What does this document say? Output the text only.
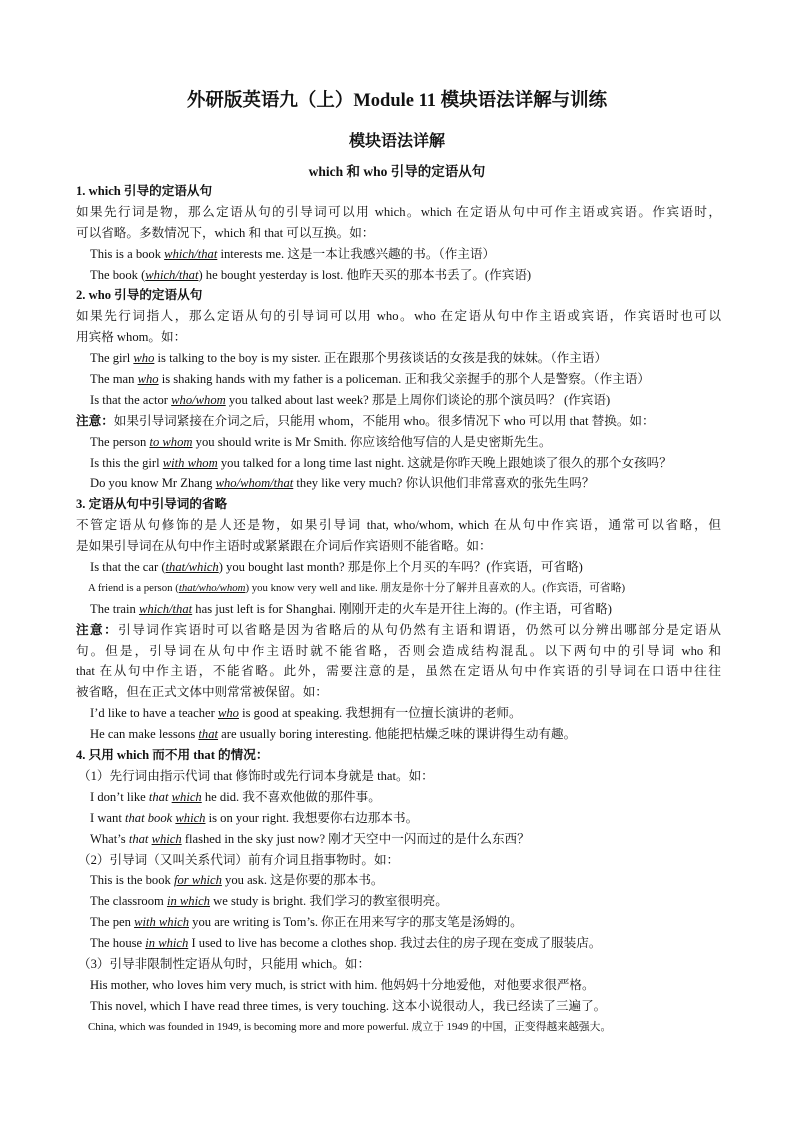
外研版英语九（上）Module 11 模块语法详解与训练
模块语法详解
which 和 who 引导的定语从句
1. which 引导的定语从句
如果先行词是物，那么定语从句的引导词可以用 which。which 在定语从句中可作主语或宾语。作宾语时，
可以省略。多数情况下，which 和 that 可以互换。如：
This is a book which/that interests me. 这是一本让我感兴趣的书。（作主语）
The book (which/that) he bought yesterday is lost. 他昨天买的那本书丢了。(作宾语)
2. who 引导的定语从句
如果先行词指人，那么定语从句的引导词可以用 who。who 在定语从句中作主语或宾语，作宾语时也可以
用宾格 whom。如：
The girl who is talking to the boy is my sister. 正在跟那个男孩谈话的女孩是我的妹妹。（作主语）
The man who is shaking hands with my father is a policeman. 正和我父亲握手的那个人是警察。（作主语）
Is that the actor who/whom you talked about last week? 那是上周你们谈论的那个演员吗？ (作宾语)
注意：如果引导词紧接在介词之后，只能用 whom，不能用 who。很多情况下 who 可以用 that 替换。如：
The person to whom you should write is Mr Smith. 你应该给他写信的人是史密斯先生。
Is this the girl with whom you talked for a long time last night. 这就是你昨天晚上跟她谈了很久的那个女孩吗？
Do you know Mr Zhang who/whom/that they like very much? 你认识他们非常喜欢的张先生吗？
3. 定语从句中引导词的省略
不管定语从句修饰的是人还是物，如果引导词 that, who/whom, which 在从句中作宾语，通常可以省略，但
是如果引导词在从句中作主语时或紧紧跟在介词后作宾语则不能省略。如：
Is that the car (that/which) you bought last month? 那是你上个月买的车吗？(作宾语，可省略)
A friend is a person (that/who/whom) you know very well and like. 朋友是你十分了解并且喜欢的人。(作宾语，可省略)
The train which/that has just left is for Shanghai. 刚刚开走的火车是开往上海的。(作主语，可省略)
注意：引导词作宾语时可以省略是因为省略后的从句仍然有主语和谓语，仍然可以分辨出哪部分是定语从
句。但是，引导词在从句中作主语时就不能省略，否则会造成结构混乱。以下两句中的引导词 who 和
that 在从句中作主语，不能省略。此外，需要注意的是，虽然在定语从句中作宾语的引导词在口语中往往
被省略，但在正式文体中则常常被保留。如：
I’d like to have a teacher who is good at speaking. 我想拥有一位擅长演讲的老师。
He can make lessons that are usually boring interesting. 他能把枯燥乏味的课讲得生动有趣。
4. 只用 which 而不用 that 的情况：
（1）先行词由指示代词 that 修饰时或先行词本身就是 that。如：
I don’t like that which he did. 我不喜欢他做的那件事。
I want that book which is on your right. 我想要你右边那本书。
What’s that which flashed in the sky just now? 刚才天空中一闪而过的是什么东西？
（2）引导词（又叫关系代词）前有介词且指事物时。如：
This is the book for which you ask. 这是你要的那本书。
The classroom in which we study is bright. 我们学习的教室很明亮。
The pen with which you are writing is Tom’s. 你正在用来写字的那支笔是汤姆的。
The house in which I used to live has become a clothes shop. 我过去住的房子现在变成了服装店。
（3）引导非限制性定语从句时，只能用 which。如：
His mother, who loves him very much, is strict with him. 他妈妈十分地爱他，对他要求很严格。
This novel, which I have read three times, is very touching. 这本小说很动人，我已经读了三遍了。
China, which was founded in 1949, is becoming more and more powerful. 成立于 1949 的中国，正变得越来越强大。
